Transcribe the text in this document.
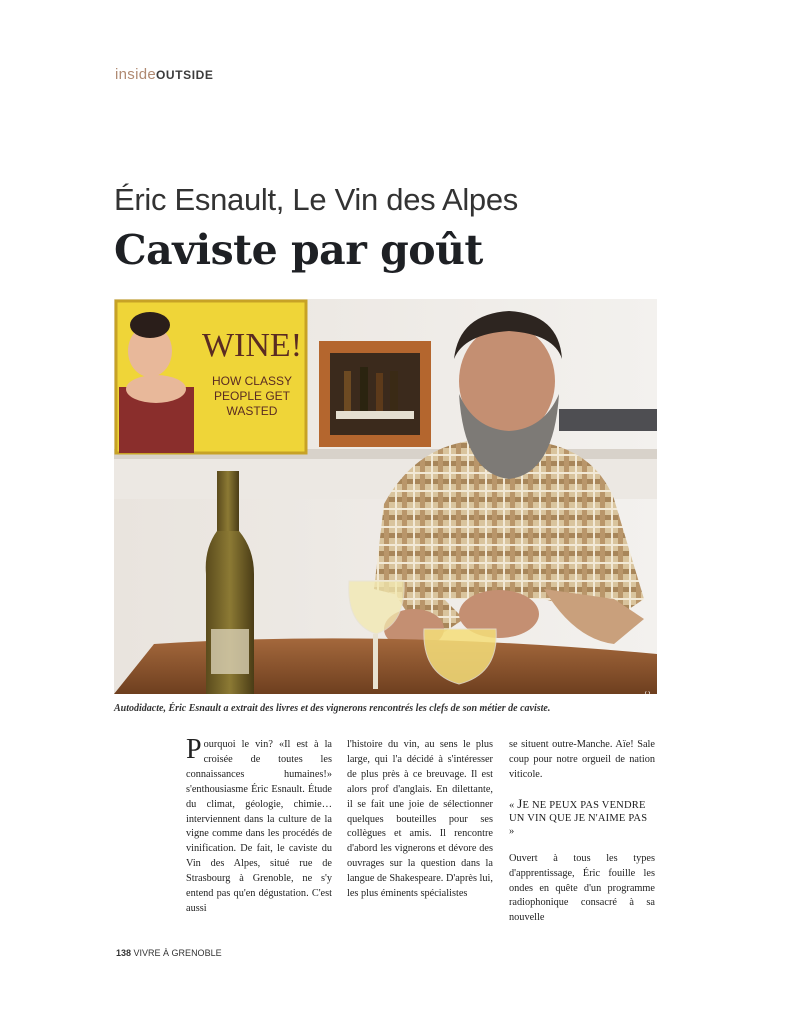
insideOUTSIDE
Éric Esnault, Le Vin des Alpes
Caviste par goût
WINE!
HOW CLASSY
PEOPLE GET
WASTED
©JC
Autodidacte, Éric Esnault a extrait des livres et des vignerons rencontrés les clefs de son métier de caviste.
Pourquoi le vin? «Il est à la croisée de toutes les connaissances humaines!» s'enthousiasme Éric Esnault. Étude du climat, géologie, chimie… interviennent dans la culture de la vigne comme dans les procédés de vinification. De fait, le caviste du Vin des Alpes, situé rue de Strasbourg à Grenoble, ne s'y entend pas qu'en dégustation. C'est aussi
l'histoire du vin, au sens le plus large, qui l'a décidé à s'intéresser de plus près à ce breuvage. Il est alors prof d'anglais. En dilettante, il se fait une joie de sélectionner quelques bouteilles pour ses collègues et amis. Il rencontre d'abord les vignerons et dévore des ouvrages sur la question dans la langue de Shakespeare. D'après lui, les plus éminents spécialistes
se situent outre-Manche. Aïe! Sale coup pour notre orgueil de nation viticole.
« JE NE PEUX PAS VENDRE
UN VIN QUE JE N'AIME PAS »
Ouvert à tous les types d'apprentissage, Éric fouille les ondes en quête d'un programme radiophonique consacré à sa nouvelle
138 VIVRE À GRENOBLE
